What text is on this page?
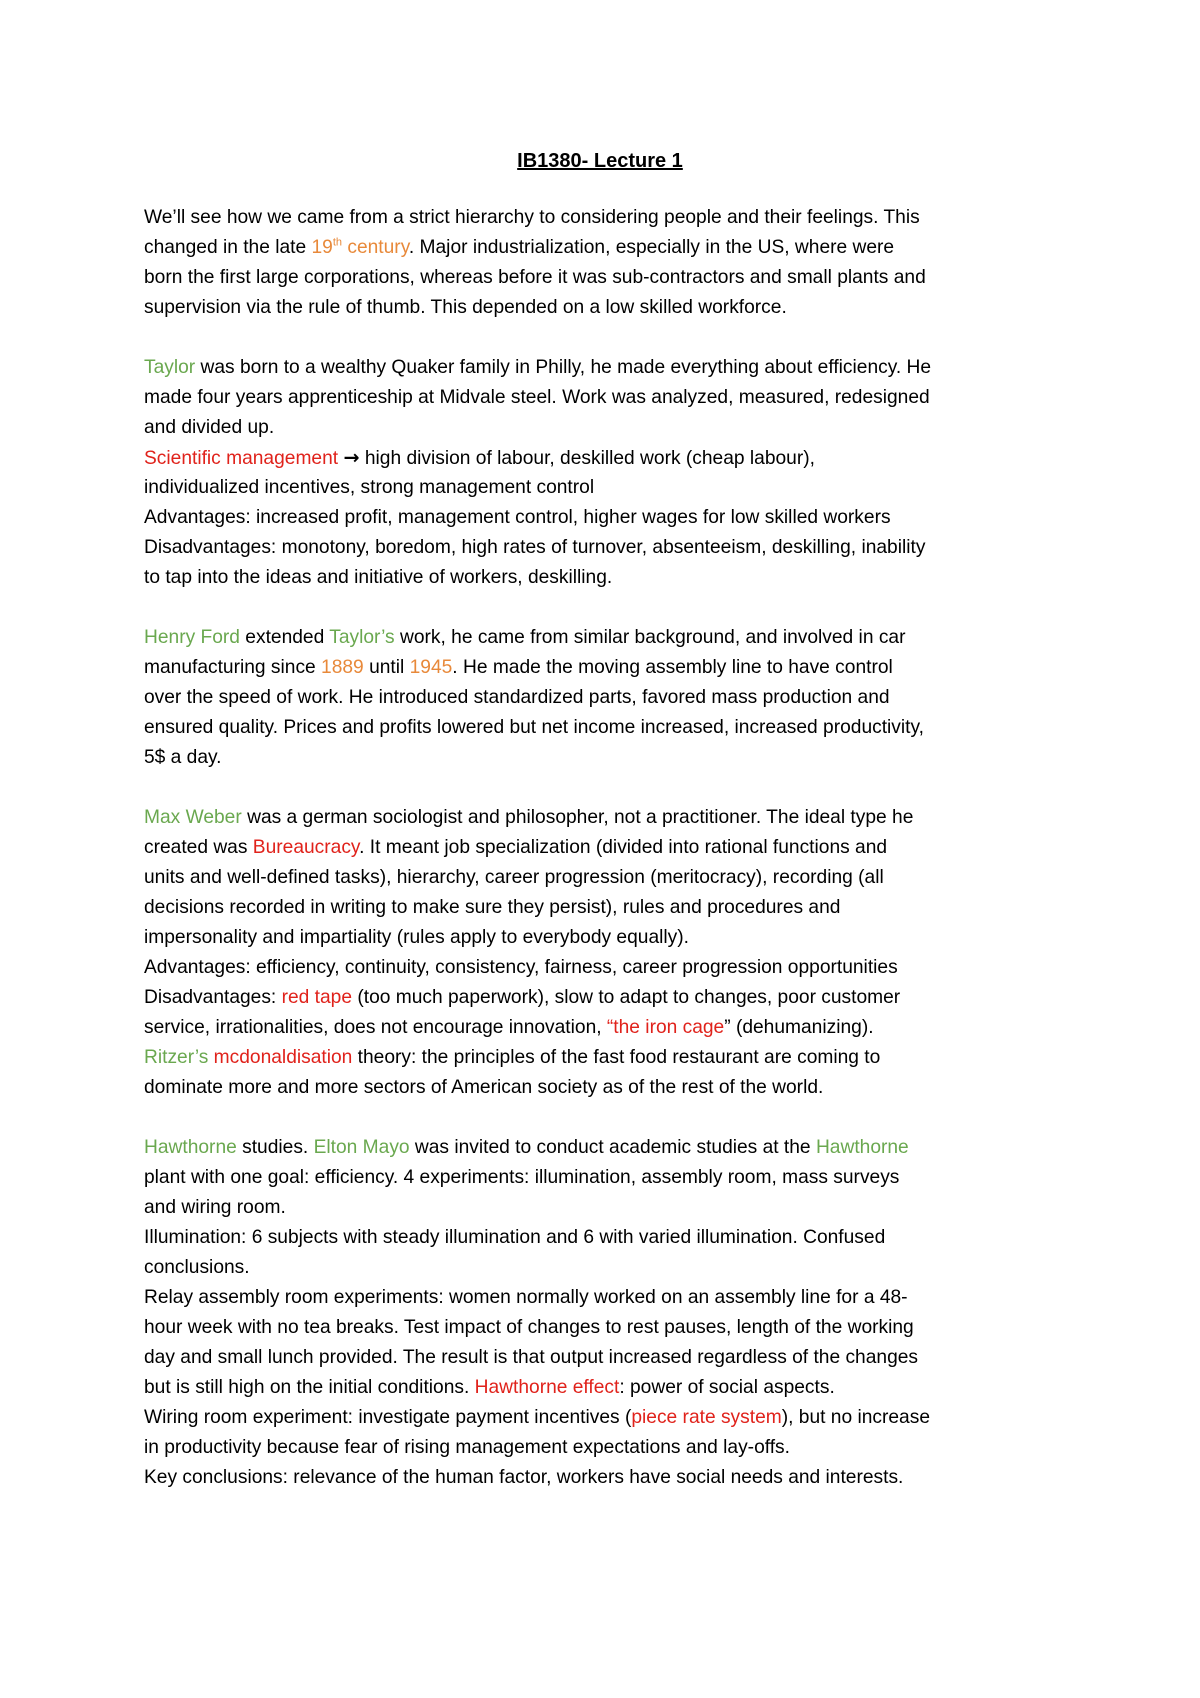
IB1380- Lecture 1
We’ll see how we came from a strict hierarchy to considering people and their feelings. This
changed in the late 19th century. Major industrialization, especially in the US, where were
born the first large corporations, whereas before it was sub-contractors and small plants and
supervision via the rule of thumb. This depended on a low skilled workforce.
Taylor was born to a wealthy Quaker family in Philly, he made everything about efficiency. He
made four years apprenticeship at Midvale steel. Work was analyzed, measured, redesigned
and divided up.
Scientific management → high division of labour, deskilled work (cheap labour),
individualized incentives, strong management control
Advantages: increased profit, management control, higher wages for low skilled workers
Disadvantages: monotony, boredom, high rates of turnover, absenteeism, deskilling, inability
to tap into the ideas and initiative of workers, deskilling.
Henry Ford extended Taylor’s work, he came from similar background, and involved in car
manufacturing since 1889 until 1945. He made the moving assembly line to have control
over the speed of work. He introduced standardized parts, favored mass production and
ensured quality. Prices and profits lowered but net income increased, increased productivity,
5$ a day.
Max Weber was a german sociologist and philosopher, not a practitioner. The ideal type he
created was Bureaucracy. It meant job specialization (divided into rational functions and
units and well-defined tasks), hierarchy, career progression (meritocracy), recording (all
decisions recorded in writing to make sure they persist), rules and procedures and
impersonality and impartiality (rules apply to everybody equally).
Advantages: efficiency, continuity, consistency, fairness, career progression opportunities
Disadvantages: red tape (too much paperwork), slow to adapt to changes, poor customer
service, irrationalities, does not encourage innovation, “the iron cage” (dehumanizing).
Ritzer’s mcdonaldisation theory: the principles of the fast food restaurant are coming to
dominate more and more sectors of American society as of the rest of the world.
Hawthorne studies. Elton Mayo was invited to conduct academic studies at the Hawthorne
plant with one goal: efficiency. 4 experiments: illumination, assembly room, mass surveys
and wiring room.
Illumination: 6 subjects with steady illumination and 6 with varied illumination. Confused
conclusions.
Relay assembly room experiments: women normally worked on an assembly line for a 48-
hour week with no tea breaks. Test impact of changes to rest pauses, length of the working
day and small lunch provided. The result is that output increased regardless of the changes
but is still high on the initial conditions. Hawthorne effect: power of social aspects.
Wiring room experiment: investigate payment incentives (piece rate system), but no increase
in productivity because fear of rising management expectations and lay-offs.
Key conclusions: relevance of the human factor, workers have social needs and interests.
